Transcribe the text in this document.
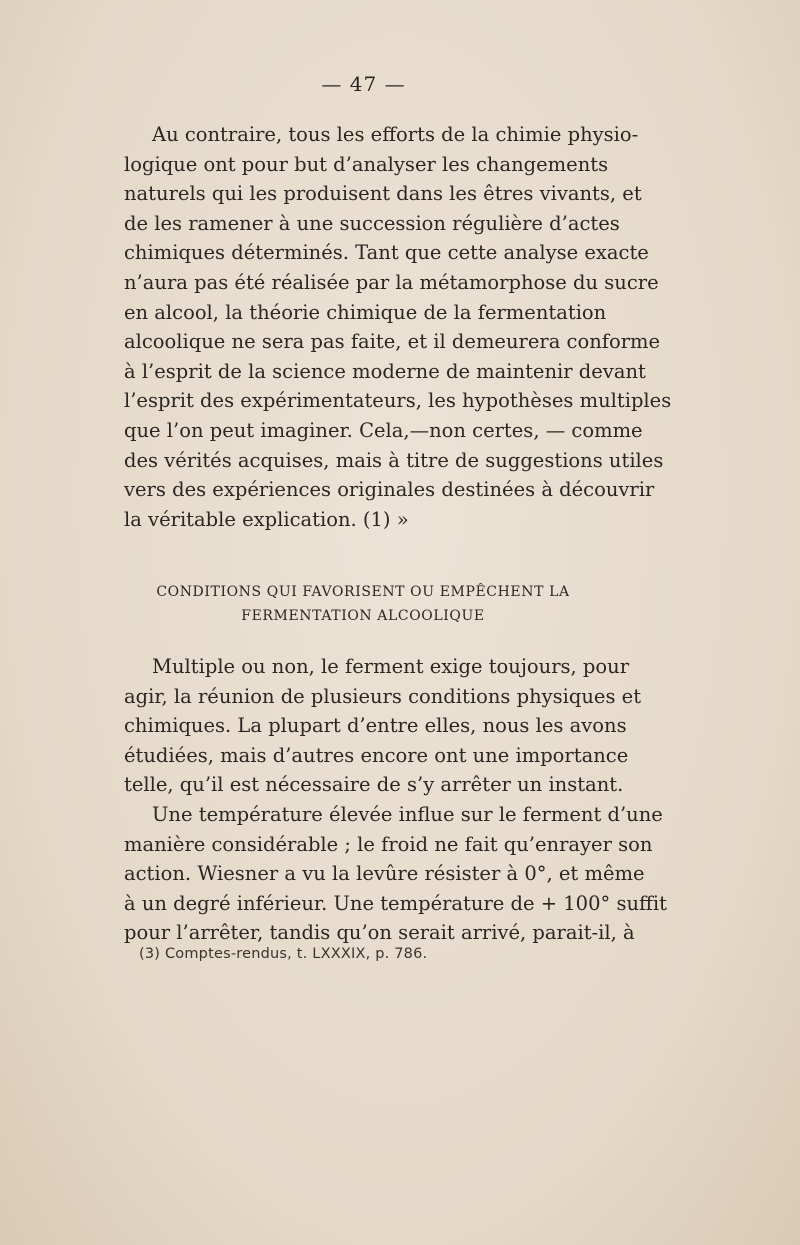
— 47 —
Au contraire, tous les efforts de la chimie physio-
logique ont pour but d’analyser les changements
naturels qui les produisent dans les êtres vivants, et
de les ramener à une succession régulière d’actes
chimiques déterminés. Tant que cette analyse exacte
n’aura pas été réalisée par la métamorphose du sucre
en alcool, la théorie chimique de la fermentation
alcoolique ne sera pas faite, et il demeurera conforme
à l’esprit de la science moderne de maintenir devant
l’esprit des expérimentateurs, les hypothèses multiples
que l’on peut imaginer. Cela,—non certes, — comme
des vérités acquises, mais à titre de suggestions utiles
vers des expériences originales destinées à découvrir
la véritable explication. (1) »
CONDITIONS QUI FAVORISENT OU EMPÊCHENT LA
FERMENTATION ALCOOLIQUE
Multiple ou non, le ferment exige toujours, pour
agir, la réunion de plusieurs conditions physiques et
chimiques. La plupart d’entre elles, nous les avons
étudiées, mais d’autres encore ont une importance
telle, qu’il est nécessaire de s’y arrêter un instant.
Une température élevée influe sur le ferment d’une
manière considérable ; le froid ne fait qu’enrayer son
action. Wiesner a vu la levûre résister à 0°, et même
à un degré inférieur. Une température de + 100° suffit
pour l’arrêter, tandis qu’on serait arrivé, parait-il, à
(3) Comptes-rendus, t. LXXXIX, p. 786.
